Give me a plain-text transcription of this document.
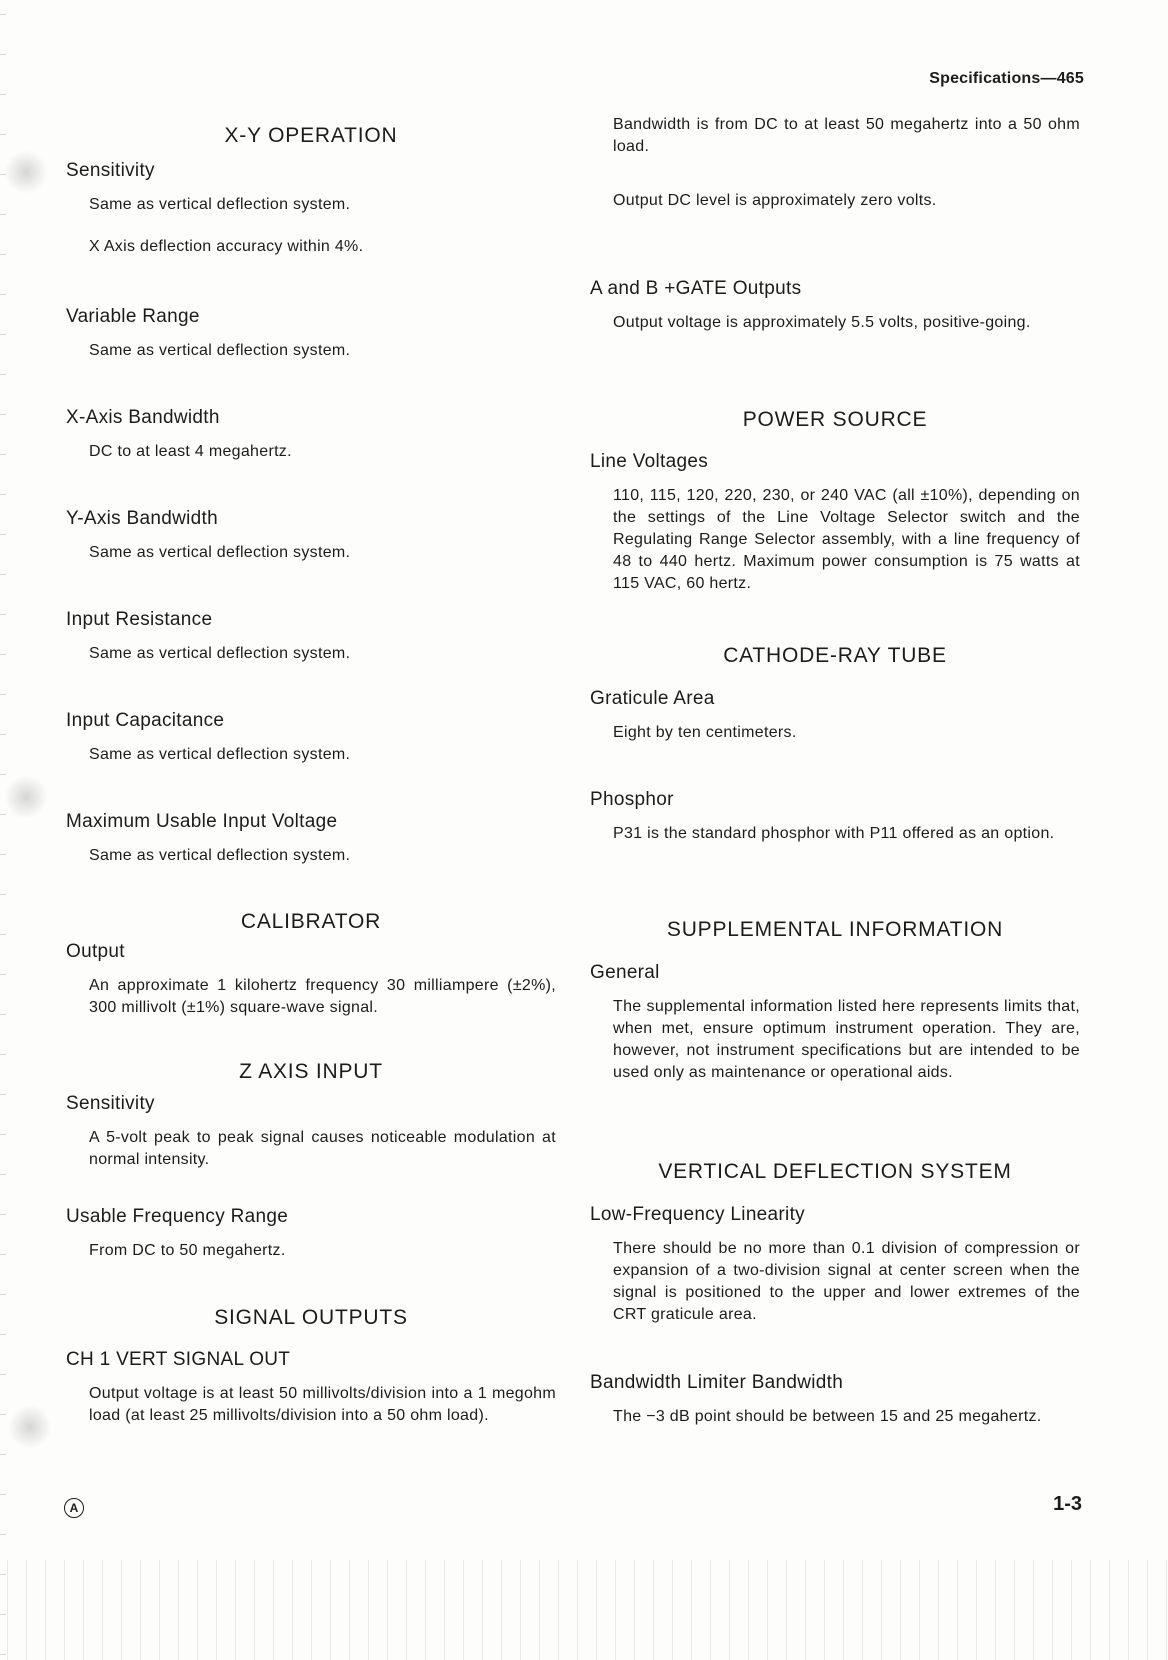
Specifications—465
X-Y OPERATION

Sensitivity

Same as vertical deflection system.

X Axis deflection accuracy within 4%.

Variable Range

Same as vertical deflection system.

X-Axis Bandwidth

DC to at least 4 megahertz.

Y-Axis Bandwidth

Same as vertical deflection system.

Input Resistance

Same as vertical deflection system.

Input Capacitance

Same as vertical deflection system.

Maximum Usable Input Voltage

Same as vertical deflection system.

CALIBRATOR

Output

An approximate 1 kilohertz frequency 30 milliampere (±2%), 300 millivolt (±1%) square-wave signal.

Z AXIS INPUT

Sensitivity

A 5-volt peak to peak signal causes noticeable modulation at normal intensity.

Usable Frequency Range

From DC to 50 megahertz.

SIGNAL OUTPUTS

CH 1 VERT SIGNAL OUT

Output voltage is at least 50 millivolts/division into a 1 megohm load (at least 25 millivolts/division into a 50 ohm load).

Bandwidth is from DC to at least 50 megahertz into a 50 ohm load.

Output DC level is approximately zero volts.

A and B +GATE Outputs

Output voltage is approximately 5.5 volts, positive-going.

POWER SOURCE

Line Voltages

110, 115, 120, 220, 230, or 240 VAC (all ±10%), depending on the settings of the Line Voltage Selector switch and the Regulating Range Selector assembly, with a line frequency of 48 to 440 hertz. Maximum power consumption is 75 watts at 115 VAC, 60 hertz.

CATHODE-RAY TUBE

Graticule Area

Eight by ten centimeters.

Phosphor

P31 is the standard phosphor with P11 offered as an option.

SUPPLEMENTAL INFORMATION

General

The supplemental information listed here represents limits that, when met, ensure optimum instrument operation. They are, however, not instrument specifications but are intended to be used only as maintenance or operational aids.

VERTICAL DEFLECTION SYSTEM

Low-Frequency Linearity

There should be no more than 0.1 division of compression or expansion of a two-division signal at center screen when the signal is positioned to the upper and lower extremes of the CRT graticule area.

Bandwidth Limiter Bandwidth

The −3 dB point should be between 15 and 25 megahertz.

A	1-3
